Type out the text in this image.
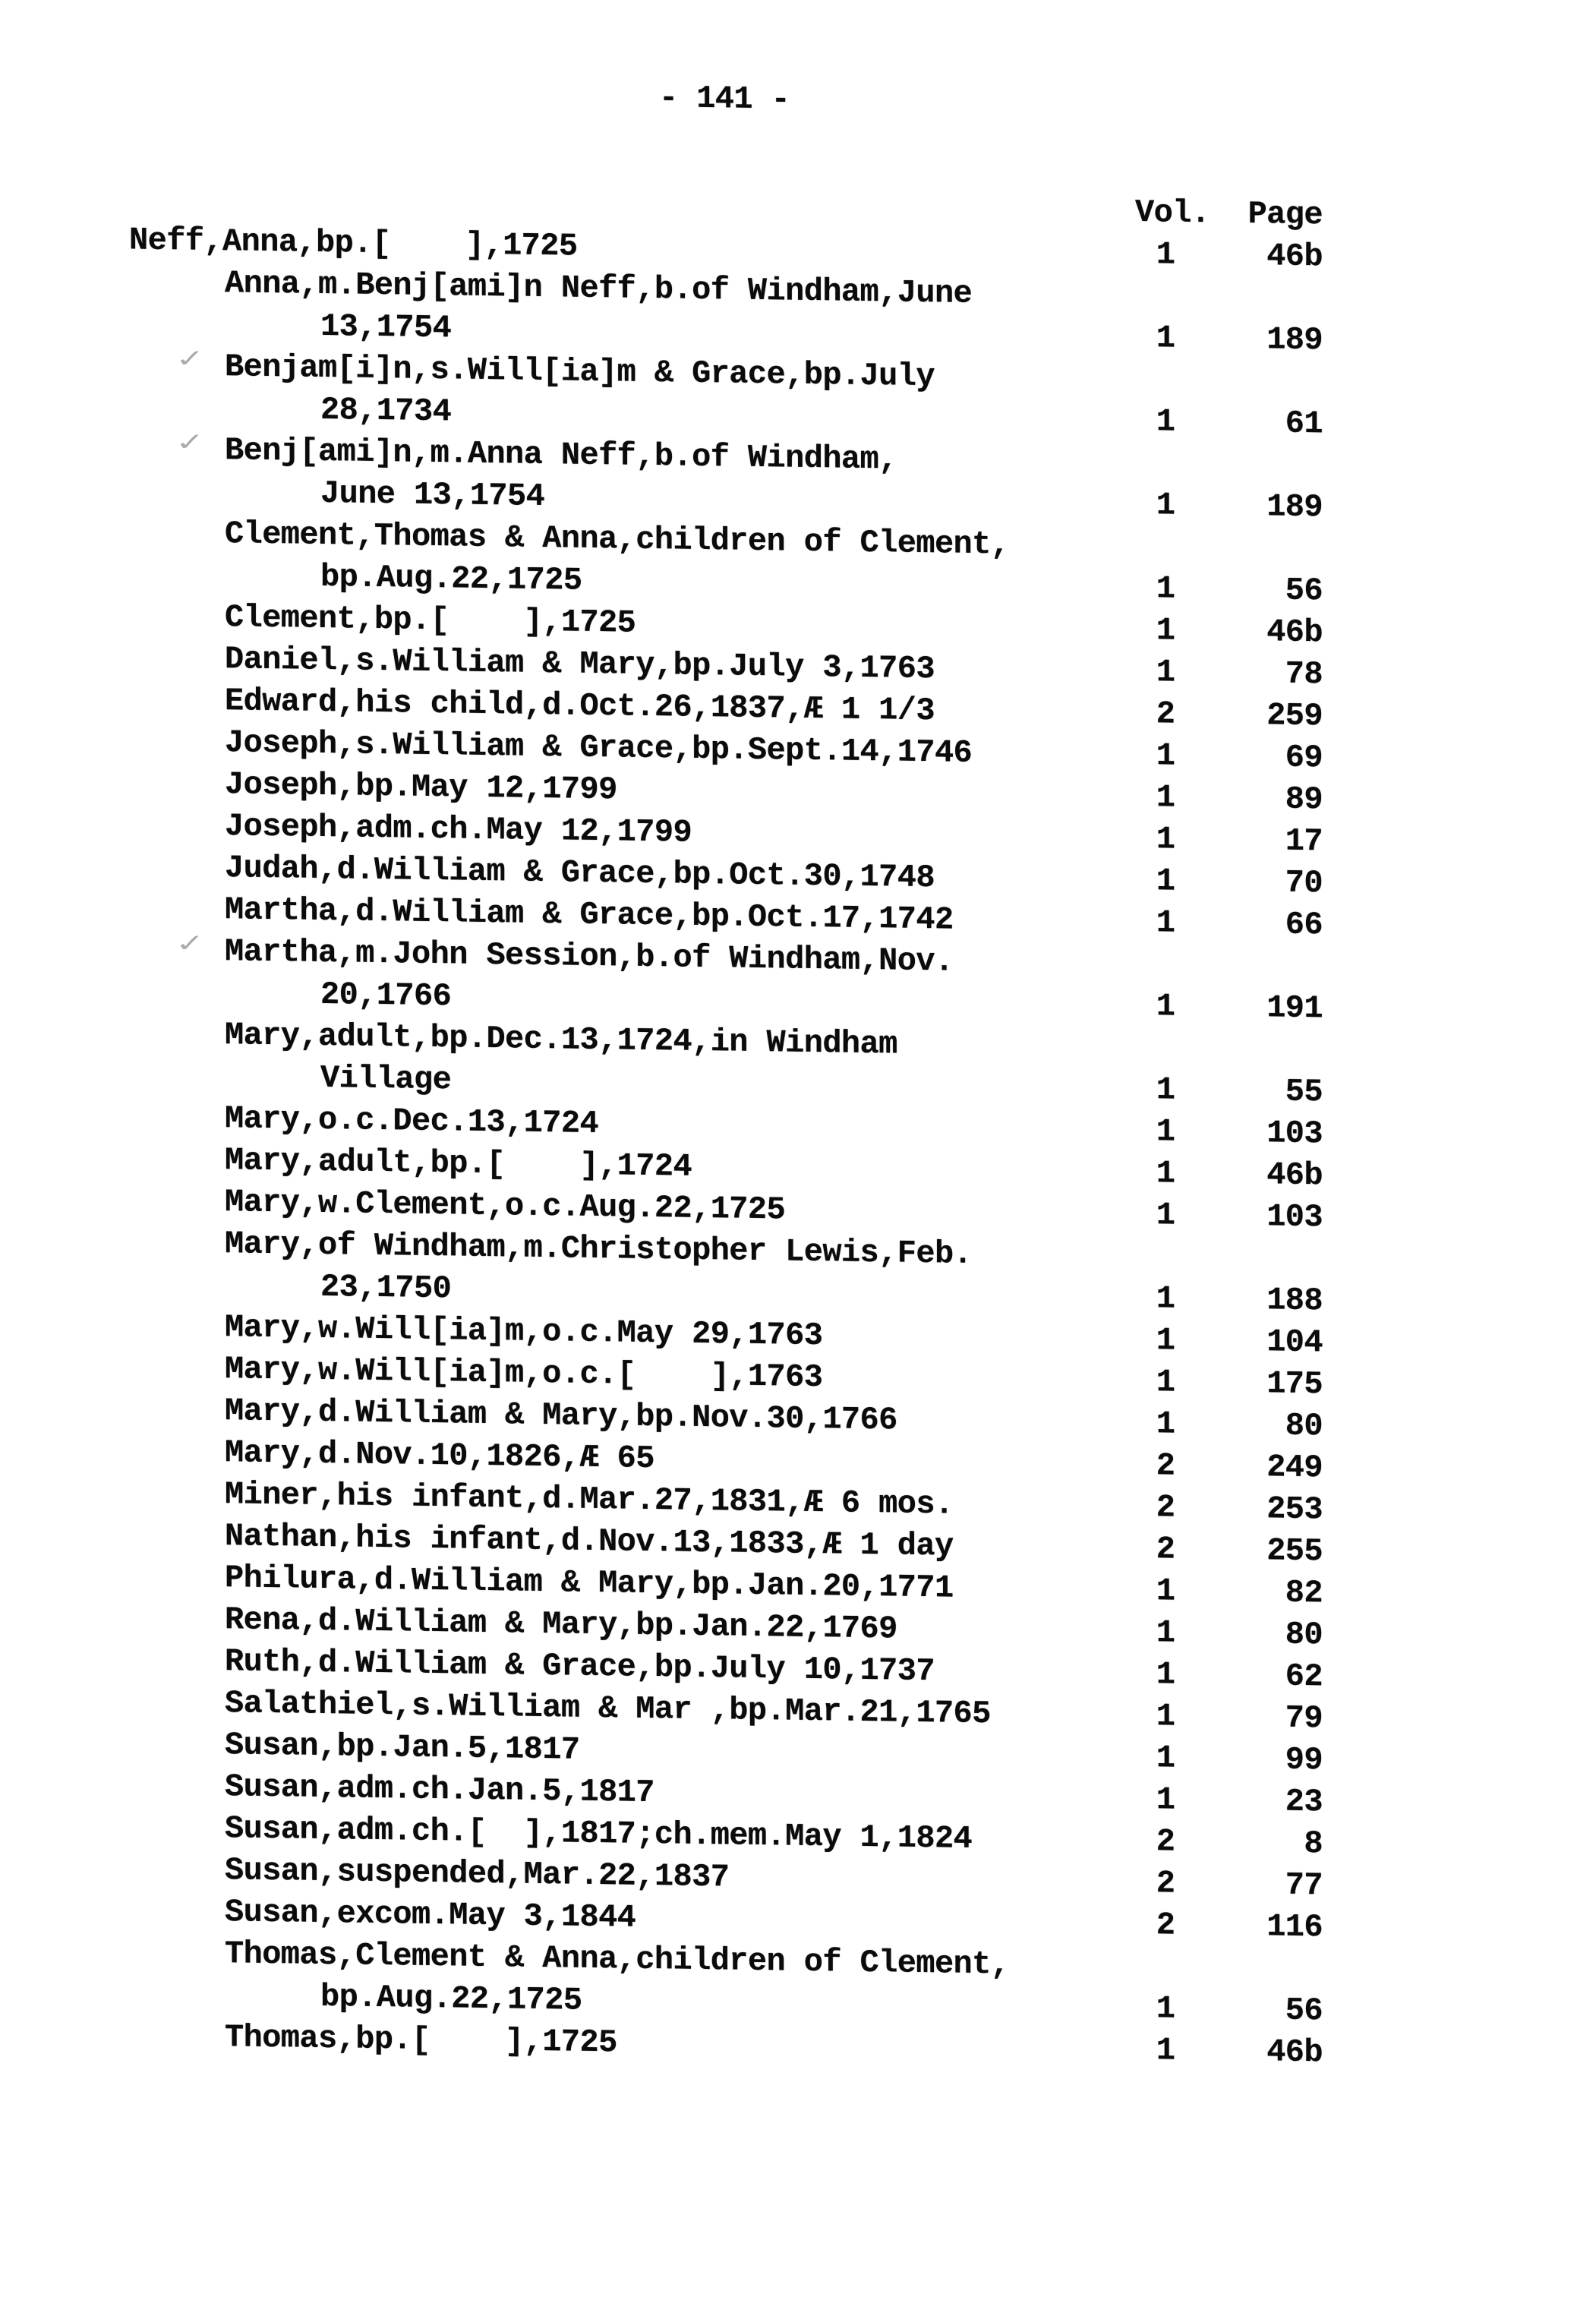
- 141 -
Vol.	Page
Neff,Anna,bp.[    ],1725	1	46b
Anna,m.Benj[ami]n Neff,b.of Windham,June
13,1754	1	189
✓ Benjam[i]n,s.Will[ia]m & Grace,bp.July
28,1734	1	61
✓ Benj[ami]n,m.Anna Neff,b.of Windham,
June 13,1754	1	189
Clement,Thomas & Anna,children of Clement,
bp.Aug.22,1725	1	56
Clement,bp.[    ],1725	1	46b
Daniel,s.William & Mary,bp.July 3,1763	1	78
Edward,his child,d.Oct.26,1837,Æ 1 1/3	2	259
Joseph,s.William & Grace,bp.Sept.14,1746	1	69
Joseph,bp.May 12,1799	1	89
Joseph,adm.ch.May 12,1799	1	17
Judah,d.William & Grace,bp.Oct.30,1748	1	70
Martha,d.William & Grace,bp.Oct.17,1742	1	66
✓ Martha,m.John Session,b.of Windham,Nov.
20,1766	1	191
Mary,adult,bp.Dec.13,1724,in Windham
Village	1	55
Mary,o.c.Dec.13,1724	1	103
Mary,adult,bp.[    ],1724	1	46b
Mary,w.Clement,o.c.Aug.22,1725	1	103
Mary,of Windham,m.Christopher Lewis,Feb.
23,1750	1	188
Mary,w.Will[ia]m,o.c.May 29,1763	1	104
Mary,w.Will[ia]m,o.c.[    ],1763	1	175
Mary,d.William & Mary,bp.Nov.30,1766	1	80
Mary,d.Nov.10,1826,Æ 65	2	249
Miner,his infant,d.Mar.27,1831,Æ 6 mos.	2	253
Nathan,his infant,d.Nov.13,1833,Æ 1 day	2	255
Philura,d.William & Mary,bp.Jan.20,1771	1	82
Rena,d.William & Mary,bp.Jan.22,1769	1	80
Ruth,d.William & Grace,bp.July 10,1737	1	62
Salathiel,s.William & Mar ,bp.Mar.21,1765	1	79
Susan,bp.Jan.5,1817	1	99
Susan,adm.ch.Jan.5,1817	1	23
Susan,adm.ch.[  ],1817;ch.mem.May 1,1824	2	8
Susan,suspended,Mar.22,1837	2	77
Susan,excom.May 3,1844	2	116
Thomas,Clement & Anna,children of Clement,
bp.Aug.22,1725	1	56
Thomas,bp.[    ],1725	1	46b
